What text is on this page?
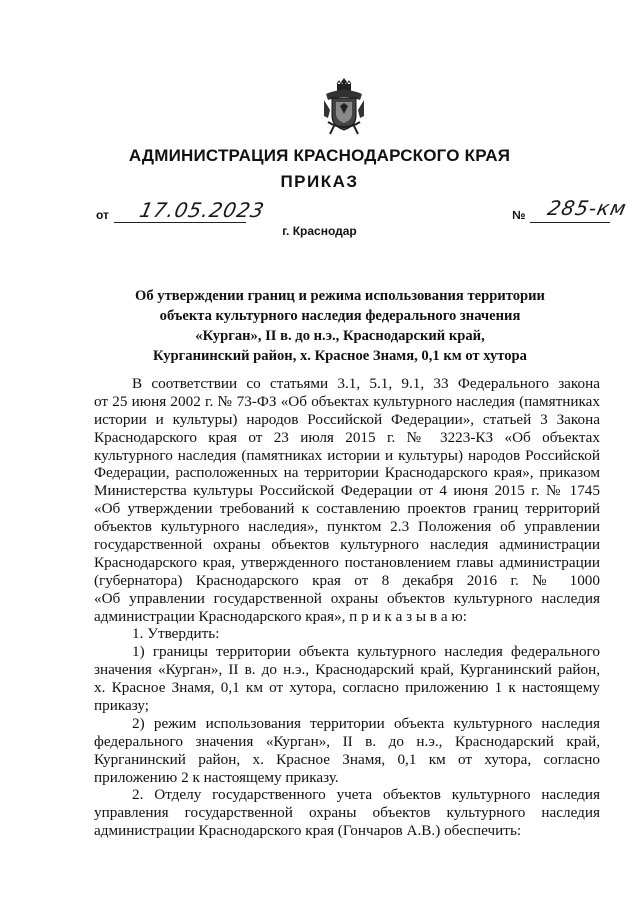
АДМИНИСТРАЦИЯ КРАСНОДАРСКОГО КРАЯ
ПРИКАЗ
от 17.05.2023	№ 285-км
г. Краснодар
Об утверждении границ и режима использования территории
объекта культурного наследия федерального значения
«Курган», II в. до н.э., Краснодарский край,
Курганинский район, х. Красное Знамя, 0,1 км от хутора
В соответствии со статьями 3.1, 5.1, 9.1, 33 Федерального закона
от 25 июня 2002 г. № 73-ФЗ «Об объектах культурного наследия (памятниках
истории и культуры) народов Российской Федерации», статьей 3 Закона
Краснодарского края от 23 июля 2015 г. № 3223-КЗ «Об объектах
культурного наследия (памятниках истории и культуры) народов Российской
Федерации, расположенных на территории Краснодарского края», приказом
Министерства культуры Российской Федерации от 4 июня 2015 г. № 1745
«Об утверждении требований к составлению проектов границ территорий
объектов культурного наследия», пунктом 2.3 Положения об управлении
государственной охраны объектов культурного наследия администрации
Краснодарского края, утвержденного постановлением главы администрации
(губернатора) Краснодарского края от 8 декабря 2016 г. № 1000
«Об управлении государственной охраны объектов культурного наследия
администрации Краснодарского края», п р и к а з ы в а ю:
1. Утвердить:
1) границы территории объекта культурного наследия федерального
значения «Курган», II в. до н.э., Краснодарский край, Курганинский район,
х. Красное Знамя, 0,1 км от хутора, согласно приложению 1 к настоящему
приказу;
2) режим использования территории объекта культурного наследия
федерального значения «Курган», II в. до н.э., Краснодарский край,
Курганинский район, х. Красное Знамя, 0,1 км от хутора, согласно
приложению 2 к настоящему приказу.
2. Отделу государственного учета объектов культурного наследия
управления государственной охраны объектов культурного наследия
администрации Краснодарского края (Гончаров А.В.) обеспечить:
